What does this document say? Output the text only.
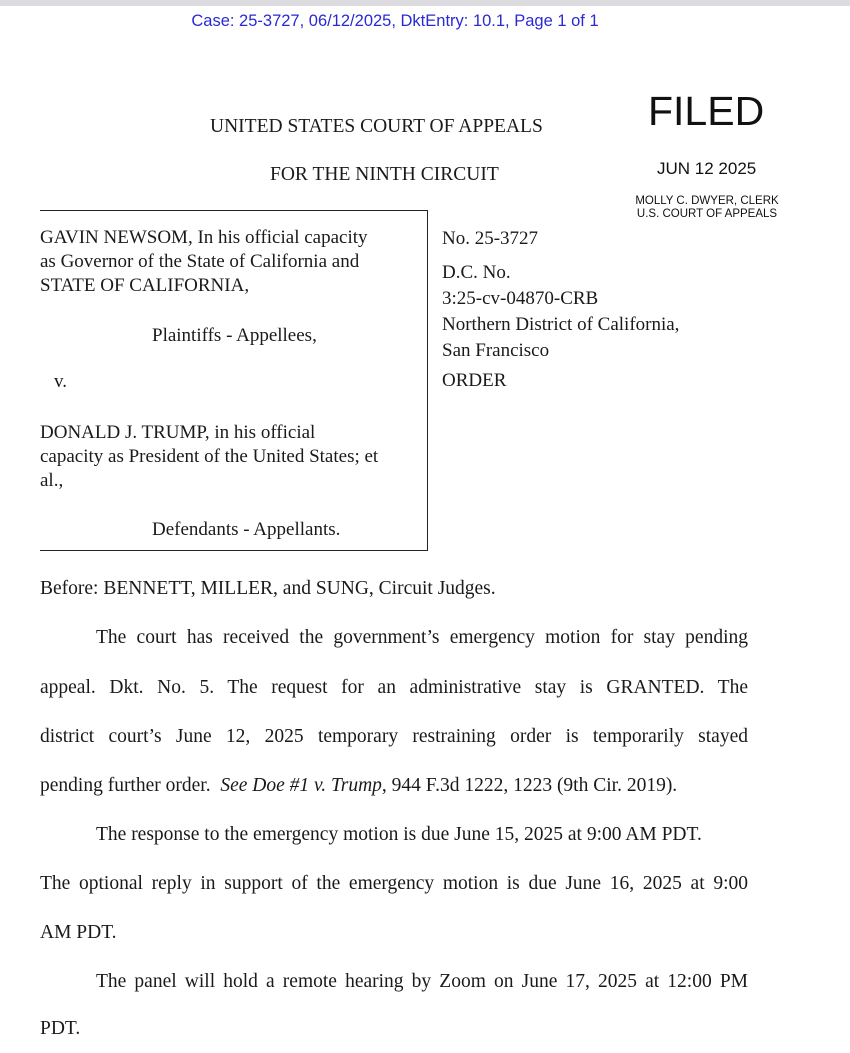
Case: 25-3727, 06/12/2025, DktEntry: 10.1, Page 1 of 1
UNITED STATES COURT OF APPEALS
FOR THE NINTH CIRCUIT
FILED
JUN 12 2025
MOLLY C. DWYER, CLERK
U.S. COURT OF APPEALS
GAVIN NEWSOM, In his official capacity
as Governor of the State of California and
STATE OF CALIFORNIA,
Plaintiffs - Appellees,
v.
DONALD J. TRUMP, in his official
capacity as President of the United States; et
al.,
Defendants - Appellants.
No. 25-3727
D.C. No.
3:25-cv-04870-CRB
Northern District of California,
San Francisco
ORDER
Before: BENNETT, MILLER, and SUNG, Circuit Judges.
The court has received the government’s emergency motion for stay pending
appeal. Dkt. No. 5. The request for an administrative stay is GRANTED. The
district court’s June 12, 2025 temporary restraining order is temporarily stayed
pending further order.  See Doe #1 v. Trump, 944 F.3d 1222, 1223 (9th Cir. 2019).
The response to the emergency motion is due June 15, 2025 at 9:00 AM PDT.
The optional reply in support of the emergency motion is due June 16, 2025 at 9:00
AM PDT.
The panel will hold a remote hearing by Zoom on June 17, 2025 at 12:00 PM
PDT.
